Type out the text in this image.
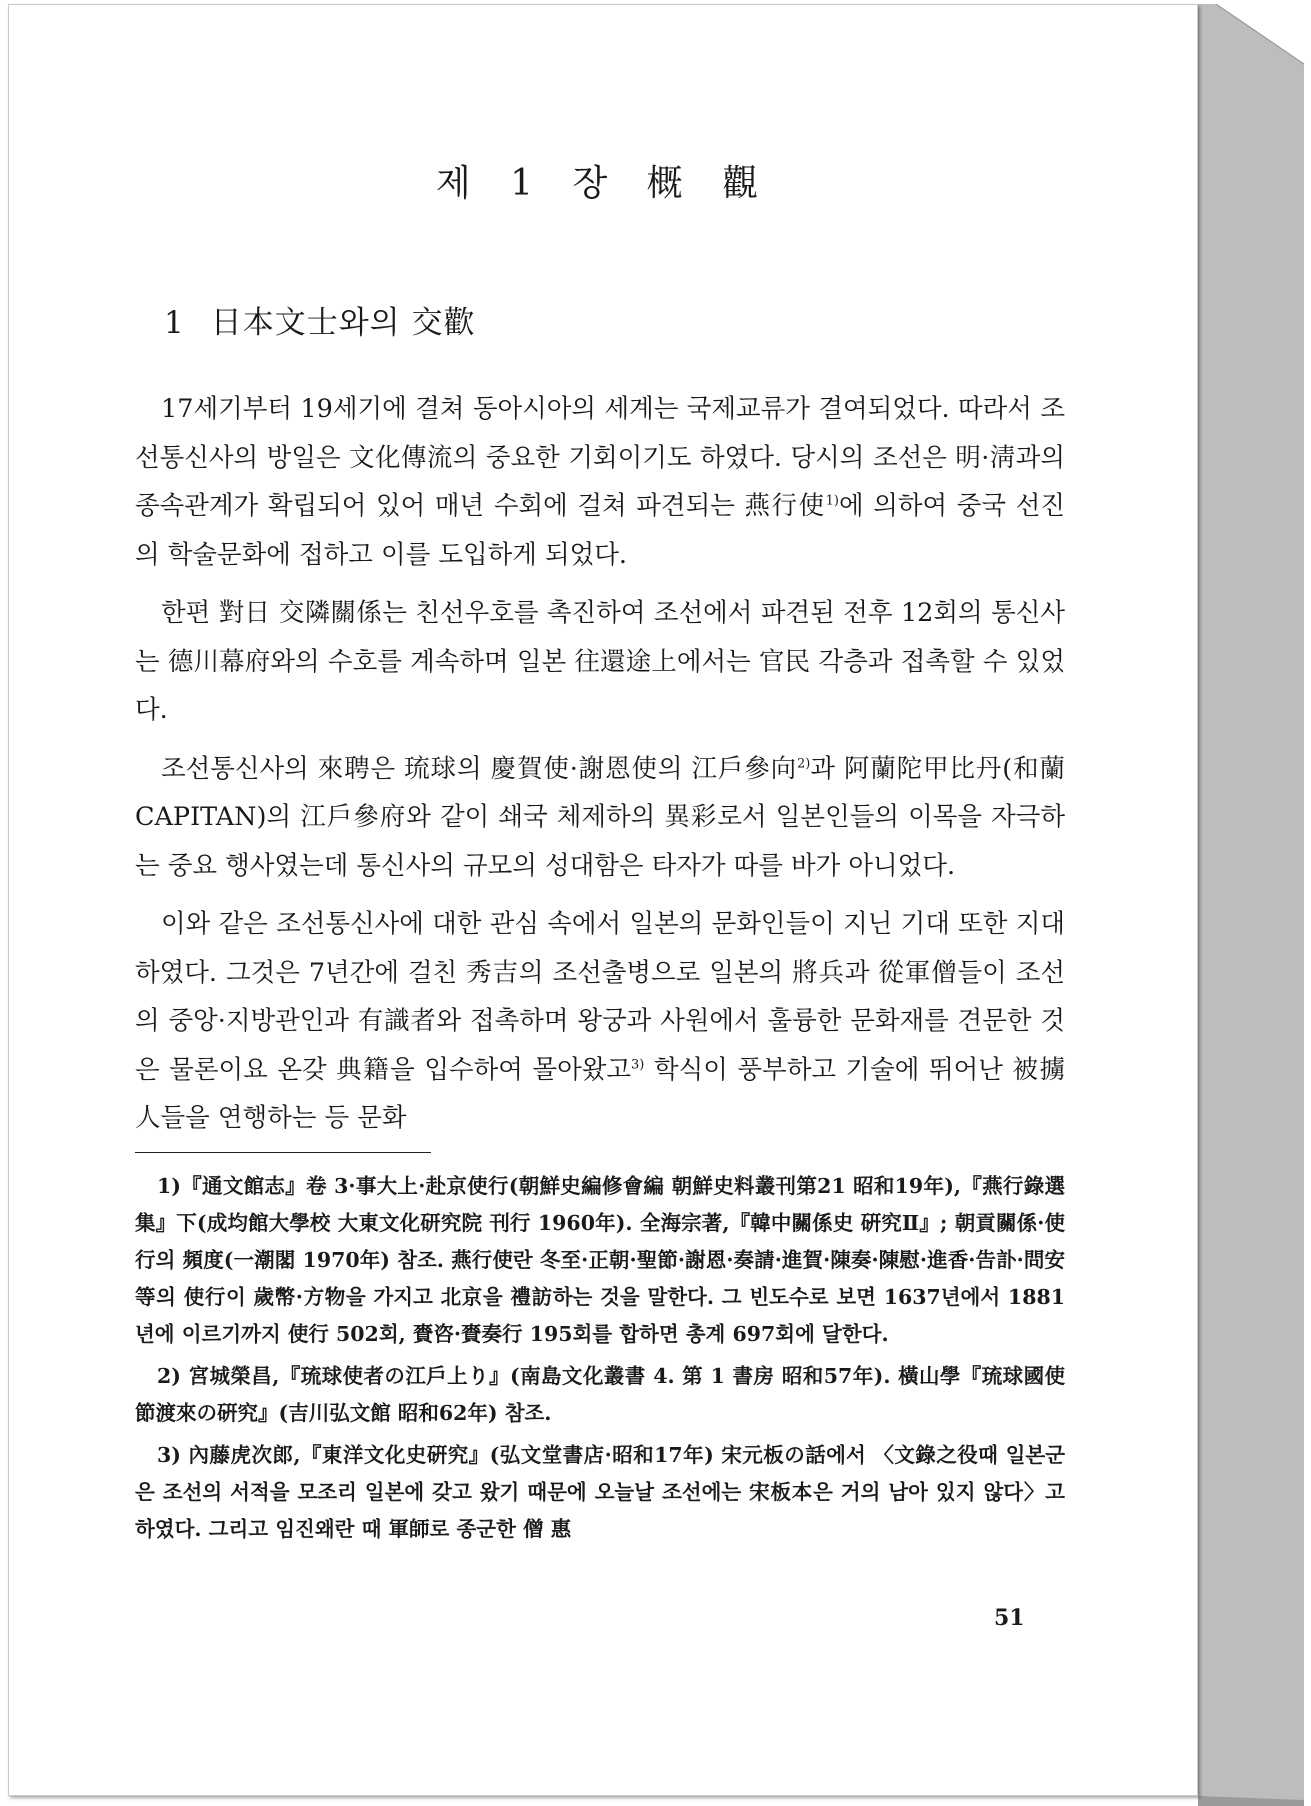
제 1 장 概 觀
1 日本文士와의 交歡

17세기부터 19세기에 결쳐 동아시아의 세계는 국제교류가 결여되었다. 따라서 조선통신사의 방일은 文化傳流의 중요한 기회이기도 하였다. 당시의 조선은 明·淸과의 종속관계가 확립되어 있어 매년 수회에 걸쳐 파견되는 燕行使$^{1)}$에 의하여 중국 선진의 학술문화에 접하고 이를 도입하게 되었다.

한편 對日 交隣關係는 친선우호를 촉진하여 조선에서 파견된 전후 12회의 통신사는 德川幕府와의 수호를 계속하며 일본 往還途上에서는 官民 각층과 접촉할 수 있었다.

조선통신사의 來聘은 琉球의 慶賀使·謝恩使의 江戶參向$^{2)}$과 阿蘭陀甲比丹(和蘭 CAPITAN)의 江戶參府와 같이 쇄국 체제하의 異彩로서 일본인들의 이목을 자극하는 중요 행사였는데 통신사의 규모의 성대함은 타자가 따를 바가 아니었다.

이와 같은 조선통신사에 대한 관심 속에서 일본의 문화인들이 지닌 기대 또한 지대하였다. 그것은 7년간에 걸친 秀吉의 조선출병으로 일본의 將兵과 從軍僧들이 조선의 중앙·지방관인과 有識者와 접촉하며 왕궁과 사원에서 훌륭한 문화재를 견문한 것은 물론이요 온갖 典籍을 입수하여 몰아왔고$^{3)}$ 학식이 풍부하고 기술에 뛰어난 被擄人들을 연행하는 등 문화

1)『通文館志』卷 3·事大上·赴京使行(朝鮮史編修會編 朝鮮史料叢刊第21 昭和19年),『燕行錄選集』下(成均館大學校 大東文化研究院 刊行 1960年). 全海宗著,『韓中關係史 硏究Ⅱ』; 朝貢關係·使行의 頻度(一潮閣 1970年) 참조. 燕行使란 冬至·正朝·聖節·謝恩·奏請·進賀·陳奏·陳慰·進香·告訃·問安等의 使行이 歲幣·方物을 가지고 北京을 禮訪하는 것을 말한다. 그 빈도수로 보면 1637년에서 1881년에 이르기까지 使行 502회, 賚咨·賚奏行 195회를 합하면 총계 697회에 달한다.

2) 宮城榮昌,『琉球使者の江戶上り』(南島文化叢書 4. 第 1 書房 昭和57年). 橫山學『琉球國使節渡來の硏究』(吉川弘文館 昭和62年) 참조.

3) 內藤虎次郎,『東洋文化史硏究』(弘文堂書店·昭和17年) 宋元板の話에서 〈文錄之役때 일본군은 조선의 서적을 모조리 일본에 갖고 왔기 때문에 오늘날 조선에는 宋板本은 거의 남아 있지 않다〉고 하였다. 그리고 임진왜란 때 軍師로 종군한 僧 惠

51
